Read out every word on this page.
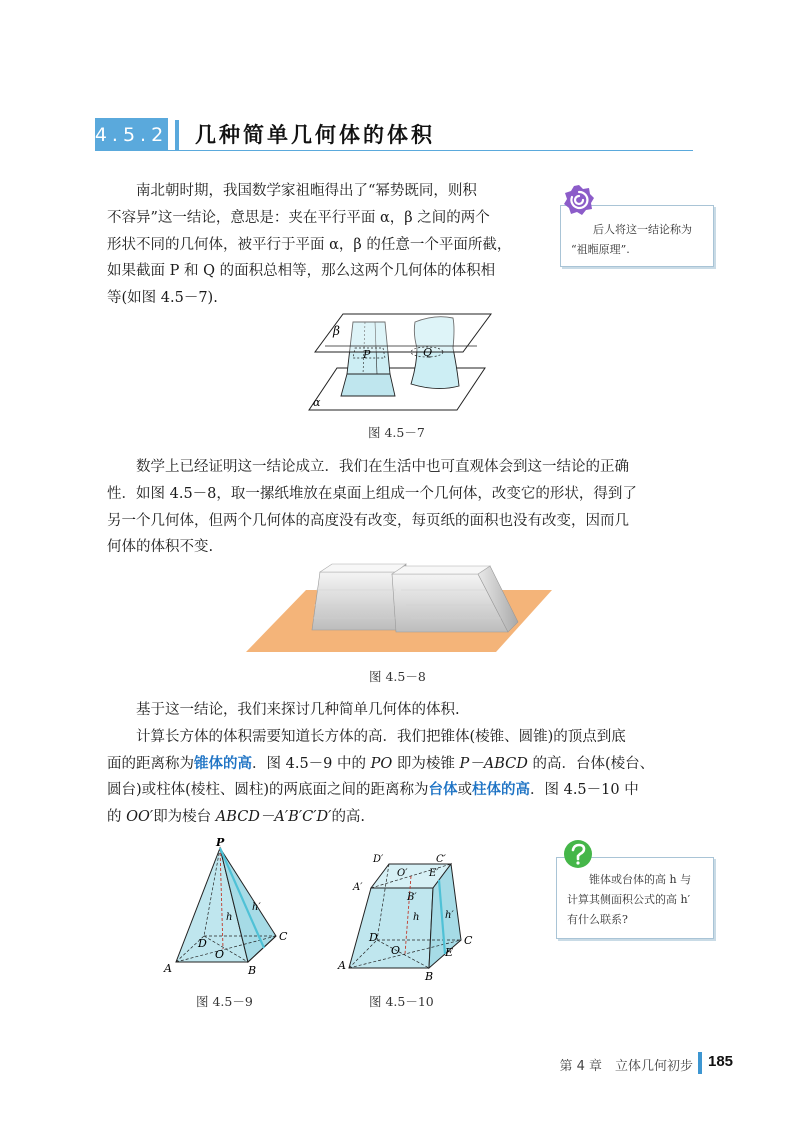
4.5.2 几种简单几何体的体积
南北朝时期，我国数学家祖暅得出了“幂势既同，则积
不容异”这一结论，意思是：夹在平行平面 α，β 之间的两个
形状不同的几何体，被平行于平面 α，β 的任意一个平面所截，
如果截面 P 和 Q 的面积总相等，那么这两个几何体的体积相
等(如图 4.5－7).
后人将这一结论称为
“祖暅原理”.
β
α
P	Q
图 4.5－7
数学上已经证明这一结论成立．我们在生活中也可直观体会到这一结论的正确
性．如图 4.5－8，取一摞纸堆放在桌面上组成一个几何体，改变它的形状，得到了
另一个几何体，但两个几何体的高度没有改变，每页纸的面积也没有改变，因而几
何体的体积不变.
图 4.5－8
基于这一结论，我们来探讨几种简单几何体的体积.
计算长方体的体积需要知道长方体的高．我们把锥体(棱锥、圆锥)的顶点到底
面的距离称为锥体的高．图 4.5－9 中的 PO 即为棱锥 P－ABCD 的高．台体(棱台、
圆台)或柱体(棱柱、圆柱)的两底面之间的距离称为台体或柱体的高．图 4.5－10 中
的 OO′即为棱台 ABCD－A′B′C′D′的高.
P
A	B
C
D
O
h
h′
图 4.5－9
D′	C′
A′
B′
O′ E′
A
B
C
D
O	E
h	h′
图 4.5－10
锥体或台体的高 h 与
计算其侧面积公式的高 h′
有什么联系?
第 4 章　立体几何初步 185
